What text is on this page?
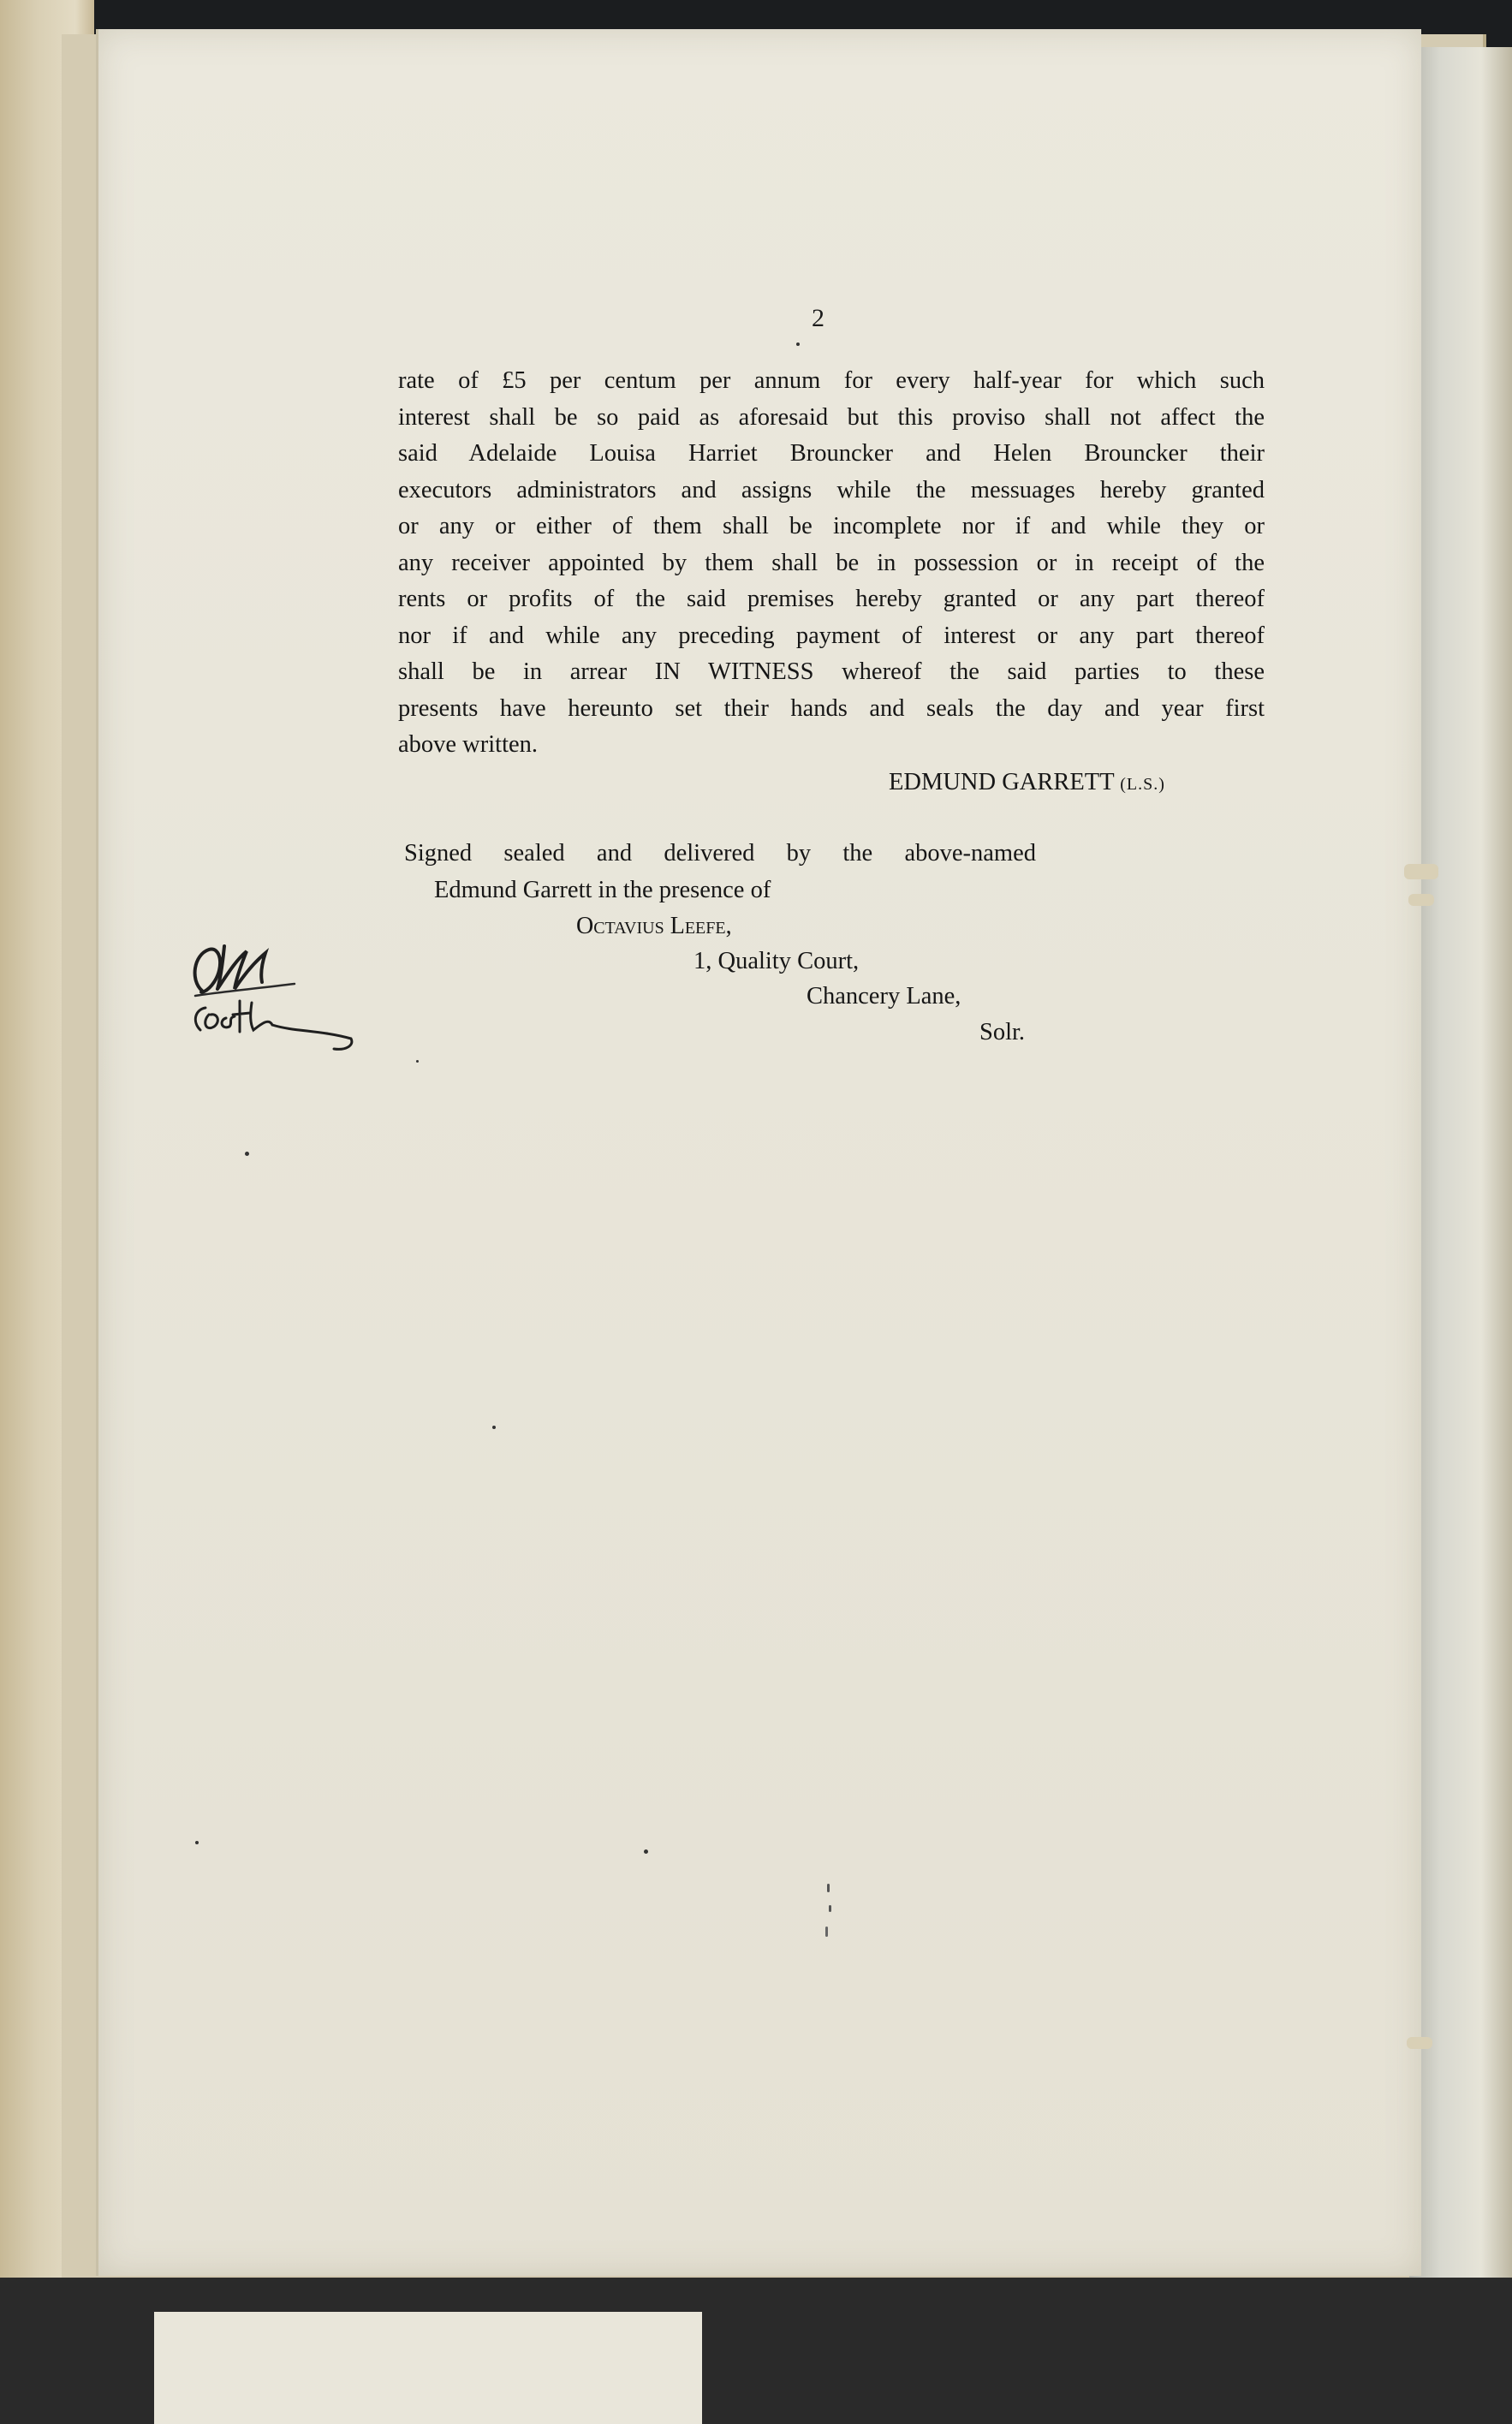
2
rate of £5 per centum per annum for every half-year for which such
interest shall be so paid as aforesaid but this proviso shall not affect the
said Adelaide Louisa Harriet Brouncker and Helen Brouncker their
executors administrators and assigns while the messuages hereby granted
or any or either of them shall be incomplete nor if and while they or
any receiver appointed by them shall be in possession or in receipt of the
rents or profits of the said premises hereby granted or any part thereof
nor if and while any preceding payment of interest or any part thereof
shall be in arrear IN WITNESS whereof the said parties to these
presents have hereunto set their hands and seals the day and year first
above written.
EDMUND GARRETT (L.S.)
Signed sealed and delivered by the above-named
Edmund Garrett in the presence of
Octavius Leefe,
1, Quality Court,
Chancery Lane,
Solr.
